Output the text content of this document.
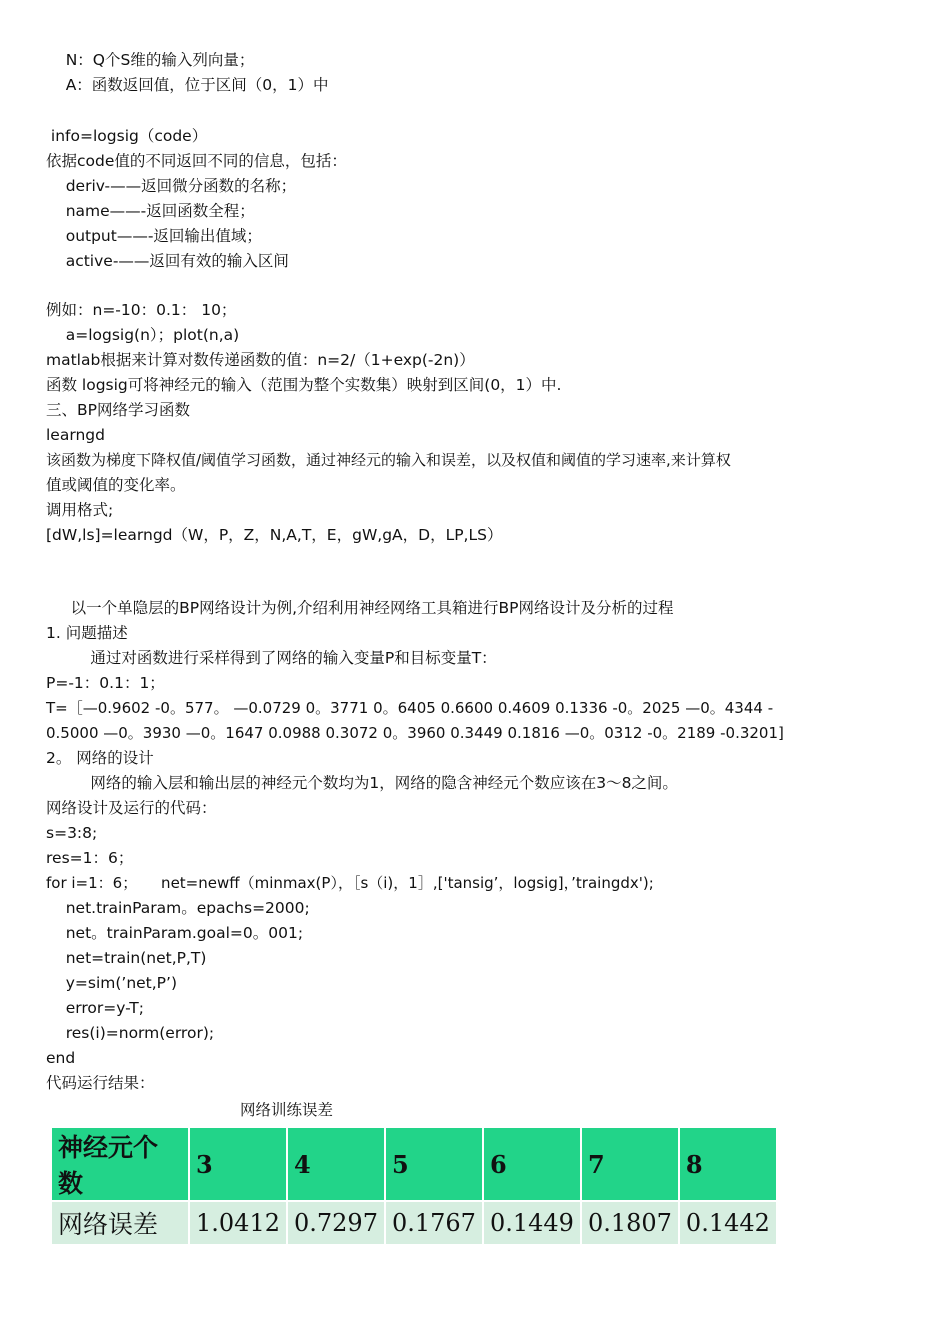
N：Q个S维的输入列向量；
A：函数返回值，位于区间（0，1）中
info=logsig（code）
依据code值的不同返回不同的信息，包括：
deriv-——返回微分函数的名称；
name——-返回函数全程；
output——-返回输出值域；
active-——返回有效的输入区间
例如：n=-10：0.1： 10；
a=logsig(n）；plot(n,a)
matlab根据来计算对数传递函数的值：n=2/（1+exp(-2n)）
函数 logsig可将神经元的输入（范围为整个实数集）映射到区间(0，1）中.
三、BP网络学习函数
learngd
该函数为梯度下降权值/阈值学习函数，通过神经元的输入和误差，以及权值和阈值的学习速率,来计算权
值或阈值的变化率。
调用格式;
[dW,ls]=learngd（W，P，Z，N,A,T，E，gW,gA，D，LP,LS）
以一个单隐层的BP网络设计为例,介绍利用神经网络工具箱进行BP网络设计及分析的过程
1. 问题描述
通过对函数进行采样得到了网络的输入变量P和目标变量T：
P=-1：0.1：1；
T=［—0.9602 -0。577。 —0.0729 0。3771 0。6405 0.6600 0.4609 0.1336 -0。2025 —0。4344 -
0.5000 —0。3930 —0。1647 0.0988 0.3072 0。3960 0.3449 0.1816 —0。0312 -0。2189 -0.3201]
2。 网络的设计
网络的输入层和输出层的神经元个数均为1，网络的隐含神经元个数应该在3～8之间。
网络设计及运行的代码：
s=3:8;
res=1：6；
for i=1：6；     net=newff（minmax(P），［s（i)，1］,['tansig’，logsig]，’traingdx');
net.trainParam。epachs=2000;
net。trainParam.goal=0。001;
net=train(net,P,T)
y=sim(’net,P’)
error=y-T;
res(i)=norm(error);
end
代码运行结果：
网络训练误差
神经元个数	3	4	5	6	7	8
网络误差	1.0412	0.7297	0.1767	0.1449	0.1807	0.1442
